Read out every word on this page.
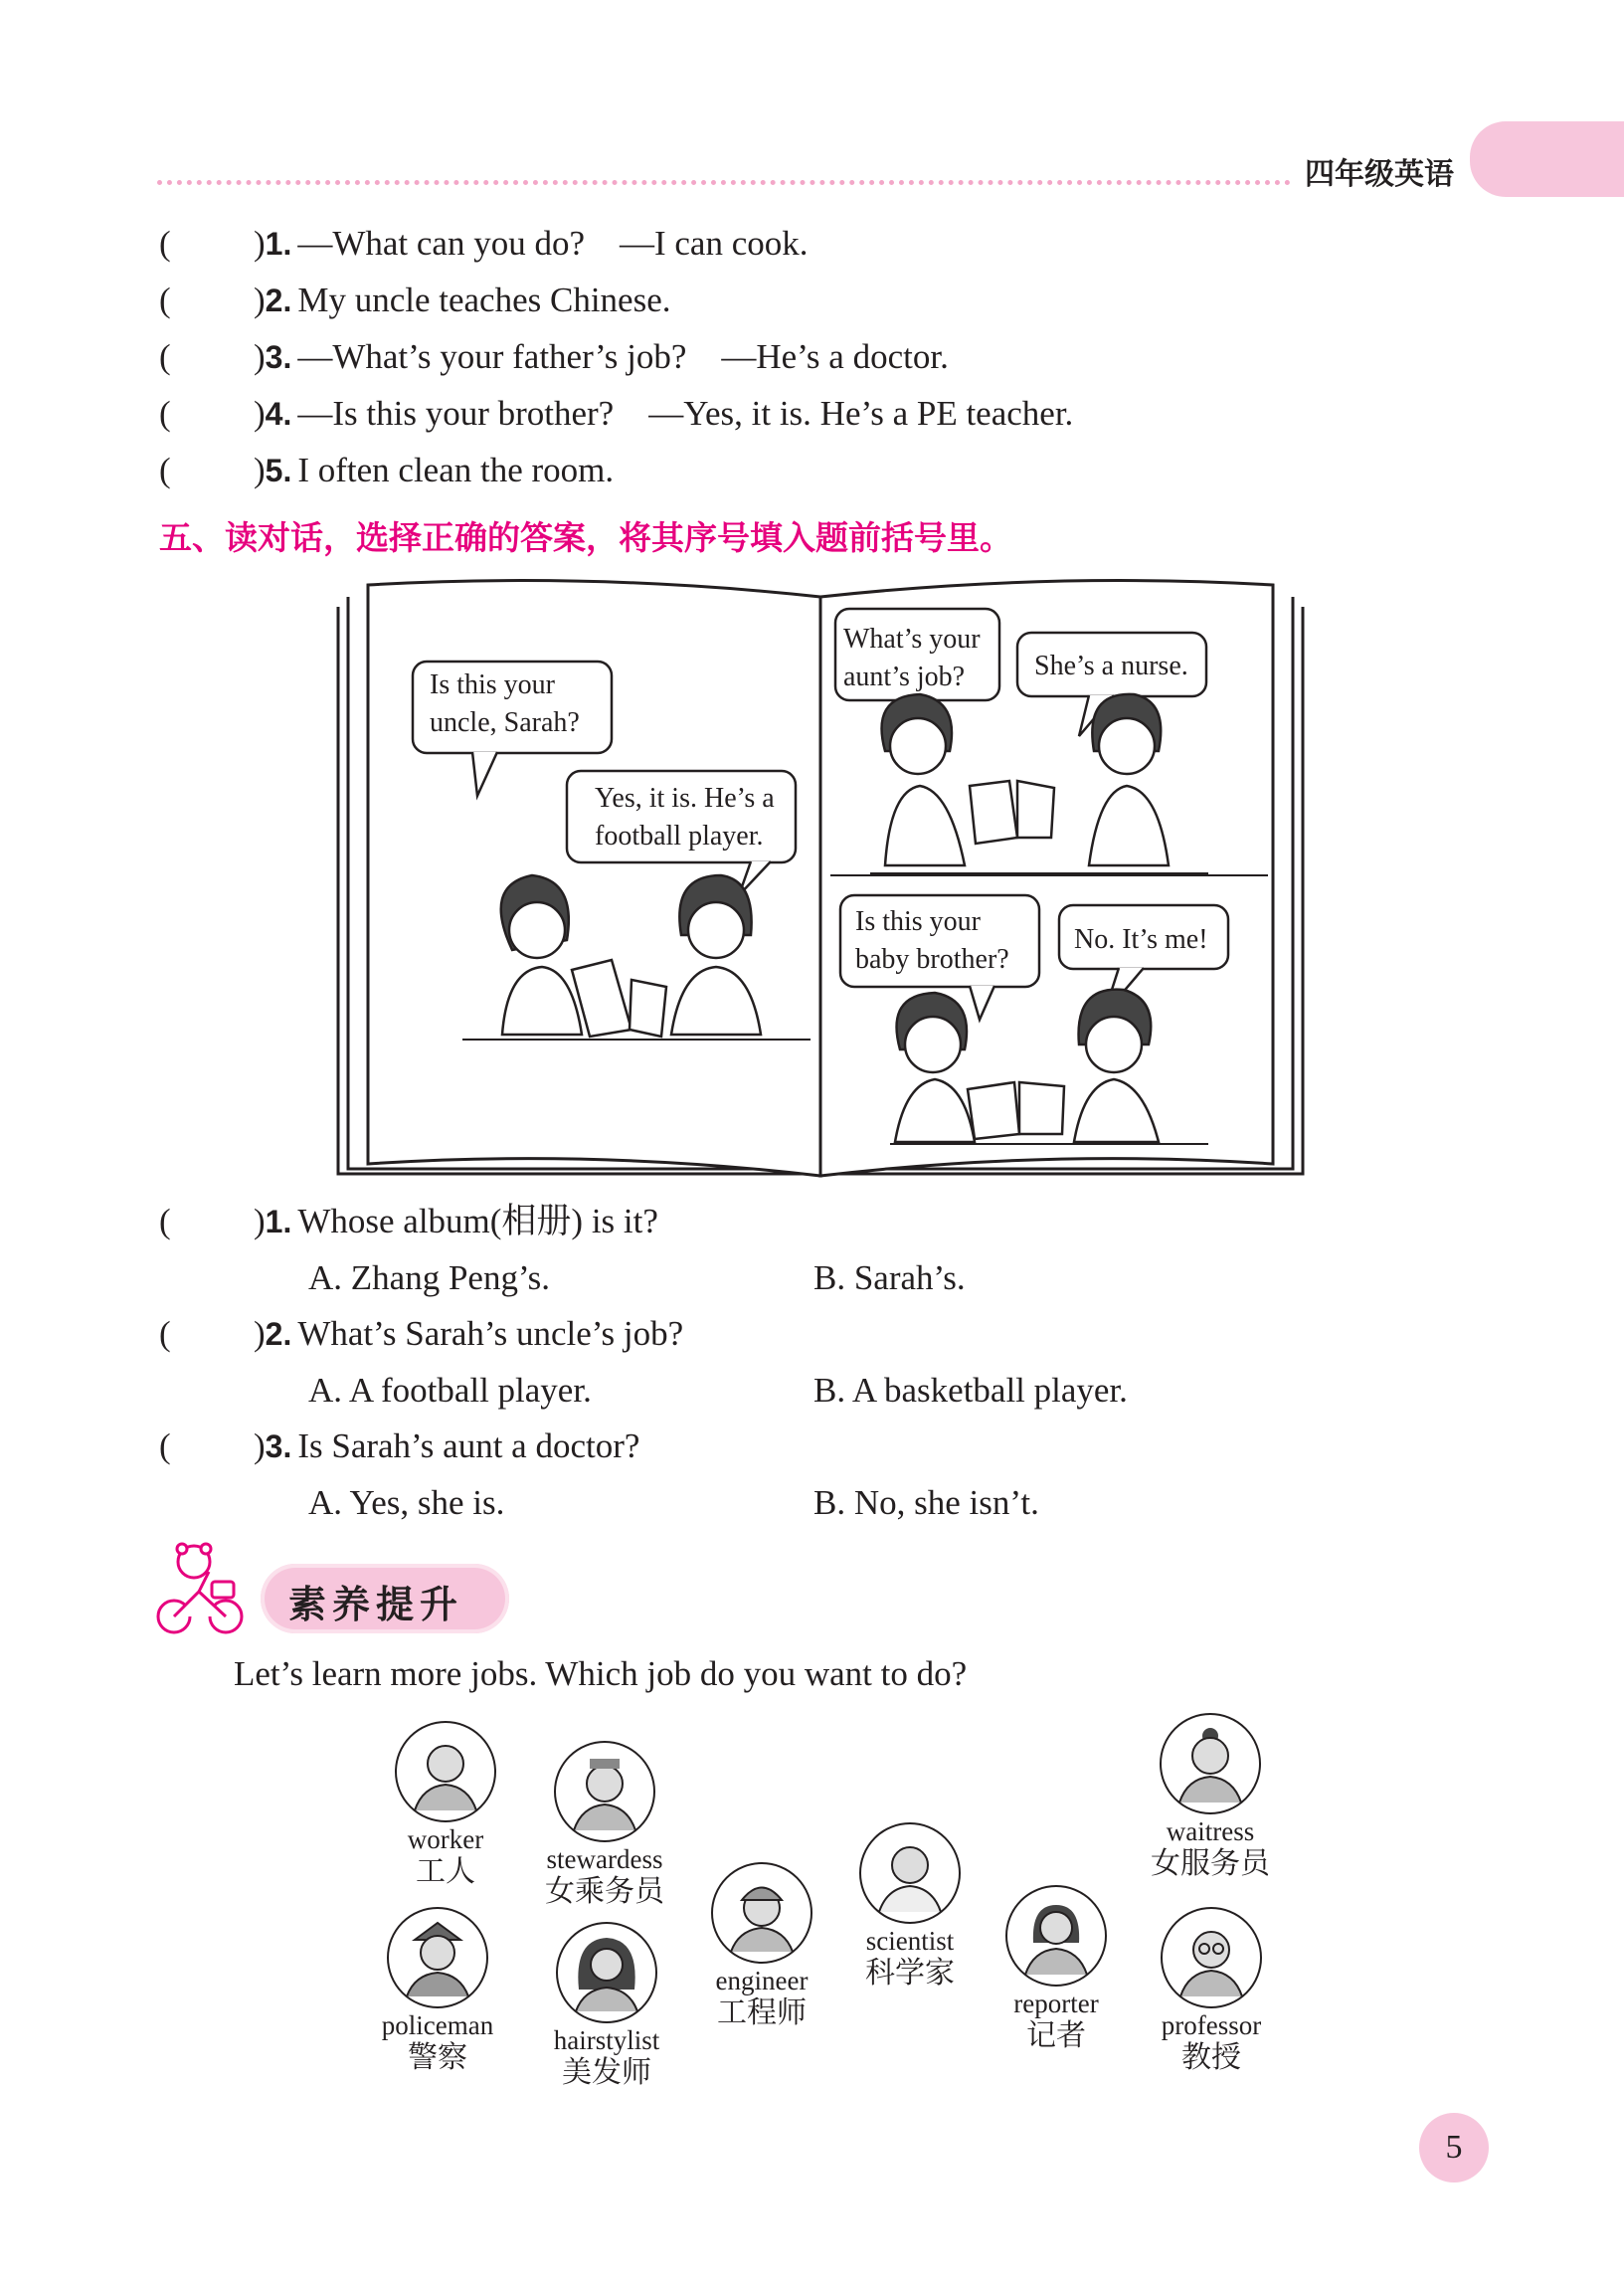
四年级英语
( )1. —What can you do?　—I can cook.
( )2. My uncle teaches Chinese.
( )3. —What’s your father’s job?　—He’s a doctor.
( )4. —Is this your brother?　—Yes, it is. He’s a PE teacher.
( )5. I often clean the room.
五、读对话，选择正确的答案，将其序号填入题前括号里。
Is this your
uncle, Sarah?
Yes, it is. He’s a
football player.
What’s your
aunt’s job? She’s a nurse.
Is this your
baby brother?
No. It’s me!
( )1. Whose album(相册) is it?
A. Zhang Peng’s.	B. Sarah’s.
( )2. What’s Sarah’s uncle’s job?
A. A football player.	B. A basketball player.
( )3. Is Sarah’s aunt a doctor?
A. Yes, she is.	B. No, she isn’t.
素养提升
Let’s learn more jobs. Which job do you want to do?
worker
工人	stewardess
女乘务员
engineer
工程师
scientist
科学家
reporter
记者
waitress
女服务员
policeman
警察	hairstylist
美发师
professor
教授
5
